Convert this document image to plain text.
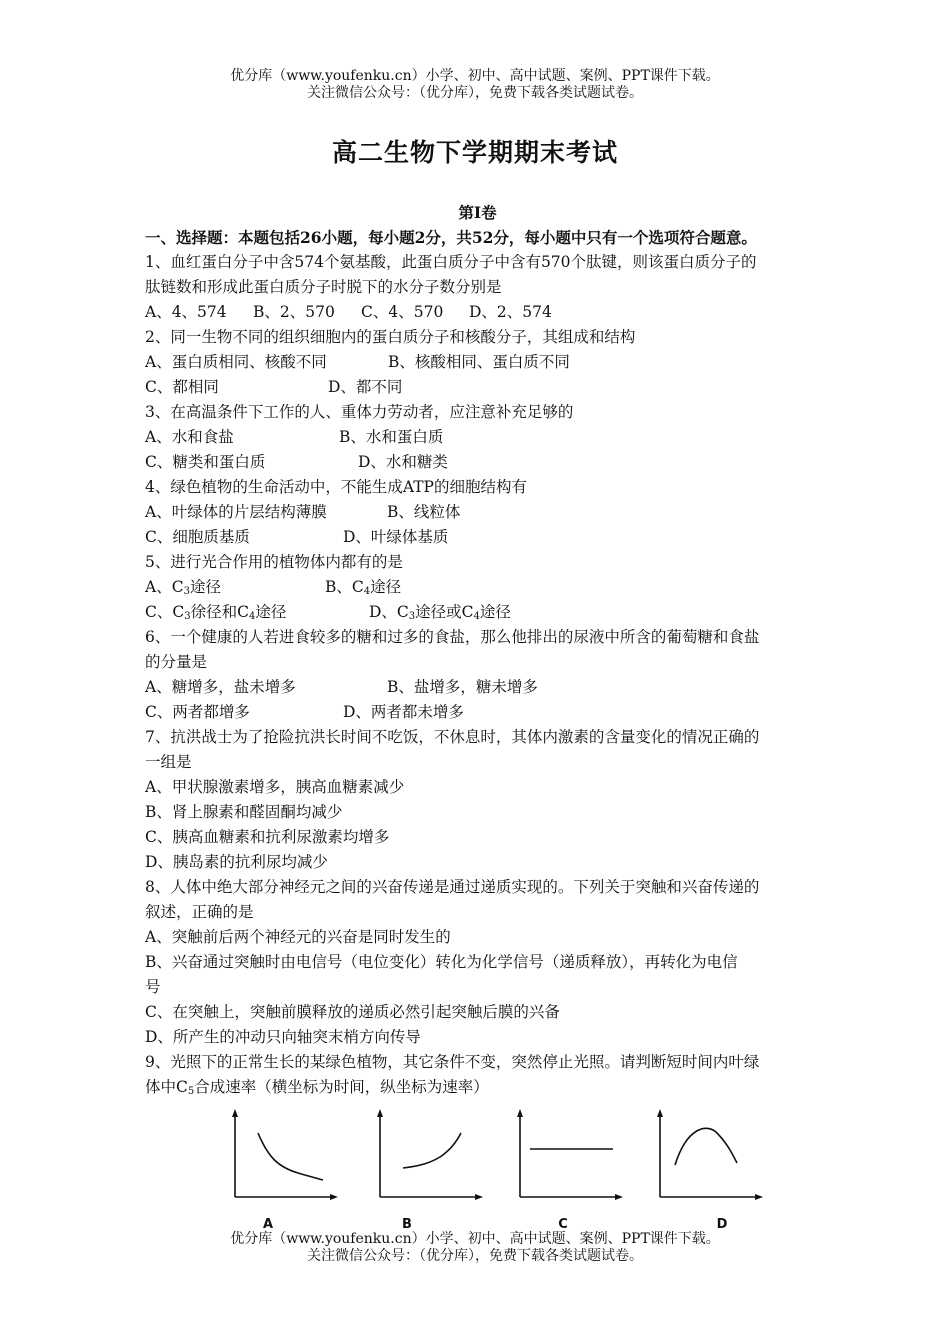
优分库（www.youfenku.cn）小学、初中、高中试题、案例、PPT课件下载。
关注微信公众号：（优分库），免费下载各类试题试卷。
高二生物下学期期末考试
第Ⅰ卷
一、选择题：本题包括26小题，每小题2分，共52分，每小题中只有一个选项符合题意。
1、血红蛋白分子中含574个氨基酸，此蛋白质分子中含有570个肽键，则该蛋白质分子的
肽链数和形成此蛋白质分子时脱下的水分子数分别是
A、4、574 B、2、570 C、4、570 D、2、574
2、同一生物不同的组织细胞内的蛋白质分子和核酸分子，其组成和结构
A、蛋白质相同、核酸不同	B、核酸相同、蛋白质不同
C、都相同	D、都不同
3、在高温条件下工作的人、重体力劳动者，应注意补充足够的
A、水和食盐	B、水和蛋白质
C、糖类和蛋白质	D、水和糖类
4、绿色植物的生命活动中，不能生成ATP的细胞结构有
A、叶绿体的片层结构薄膜	B、线粒体
C、细胞质基质	D、叶绿体基质
5、进行光合作用的植物体内都有的是
A、$C_3$途径	B、$C_4$途径
C、$C_3$徐径和$C_4$途径	D、$C_3$途径或$C_4$途径
6、一个健康的人若进食较多的糖和过多的食盐，那么他排出的尿液中所含的葡萄糖和食盐
的分量是
A、糖增多，盐未增多	B、盐增多，糖未增多
C、两者都增多	D、两者都未增多
7、抗洪战士为了抢险抗洪长时间不吃饭，不休息时，其体内激素的含量变化的情况正确的
一组是
A、甲状腺激素增多，胰高血糖素减少
B、肾上腺素和醛固酮均减少
C、胰高血糖素和抗利尿激素均增多
D、胰岛素的抗利尿均减少
8、人体中绝大部分神经元之间的兴奋传递是通过递质实现的。下列关于突触和兴奋传递的
叙述，正确的是
A、突触前后两个神经元的兴奋是同时发生的
B、兴奋通过突触时由电信号（电位变化）转化为化学信号（递质释放），再转化为电信
号
C、在突触上，突触前膜释放的递质必然引起突触后膜的兴备
D、所产生的冲动只向轴突末梢方向传导
9、光照下的正常生长的某绿色植物，其它条件不变，突然停止光照。请判断短时间内叶绿
体中$C_5$合成速率（横坐标为时间，纵坐标为速率）
A	B	C	D
优分库（www.youfenku.cn）小学、初中、高中试题、案例、PPT课件下载。
关注微信公众号：（优分库），免费下载各类试题试卷。
